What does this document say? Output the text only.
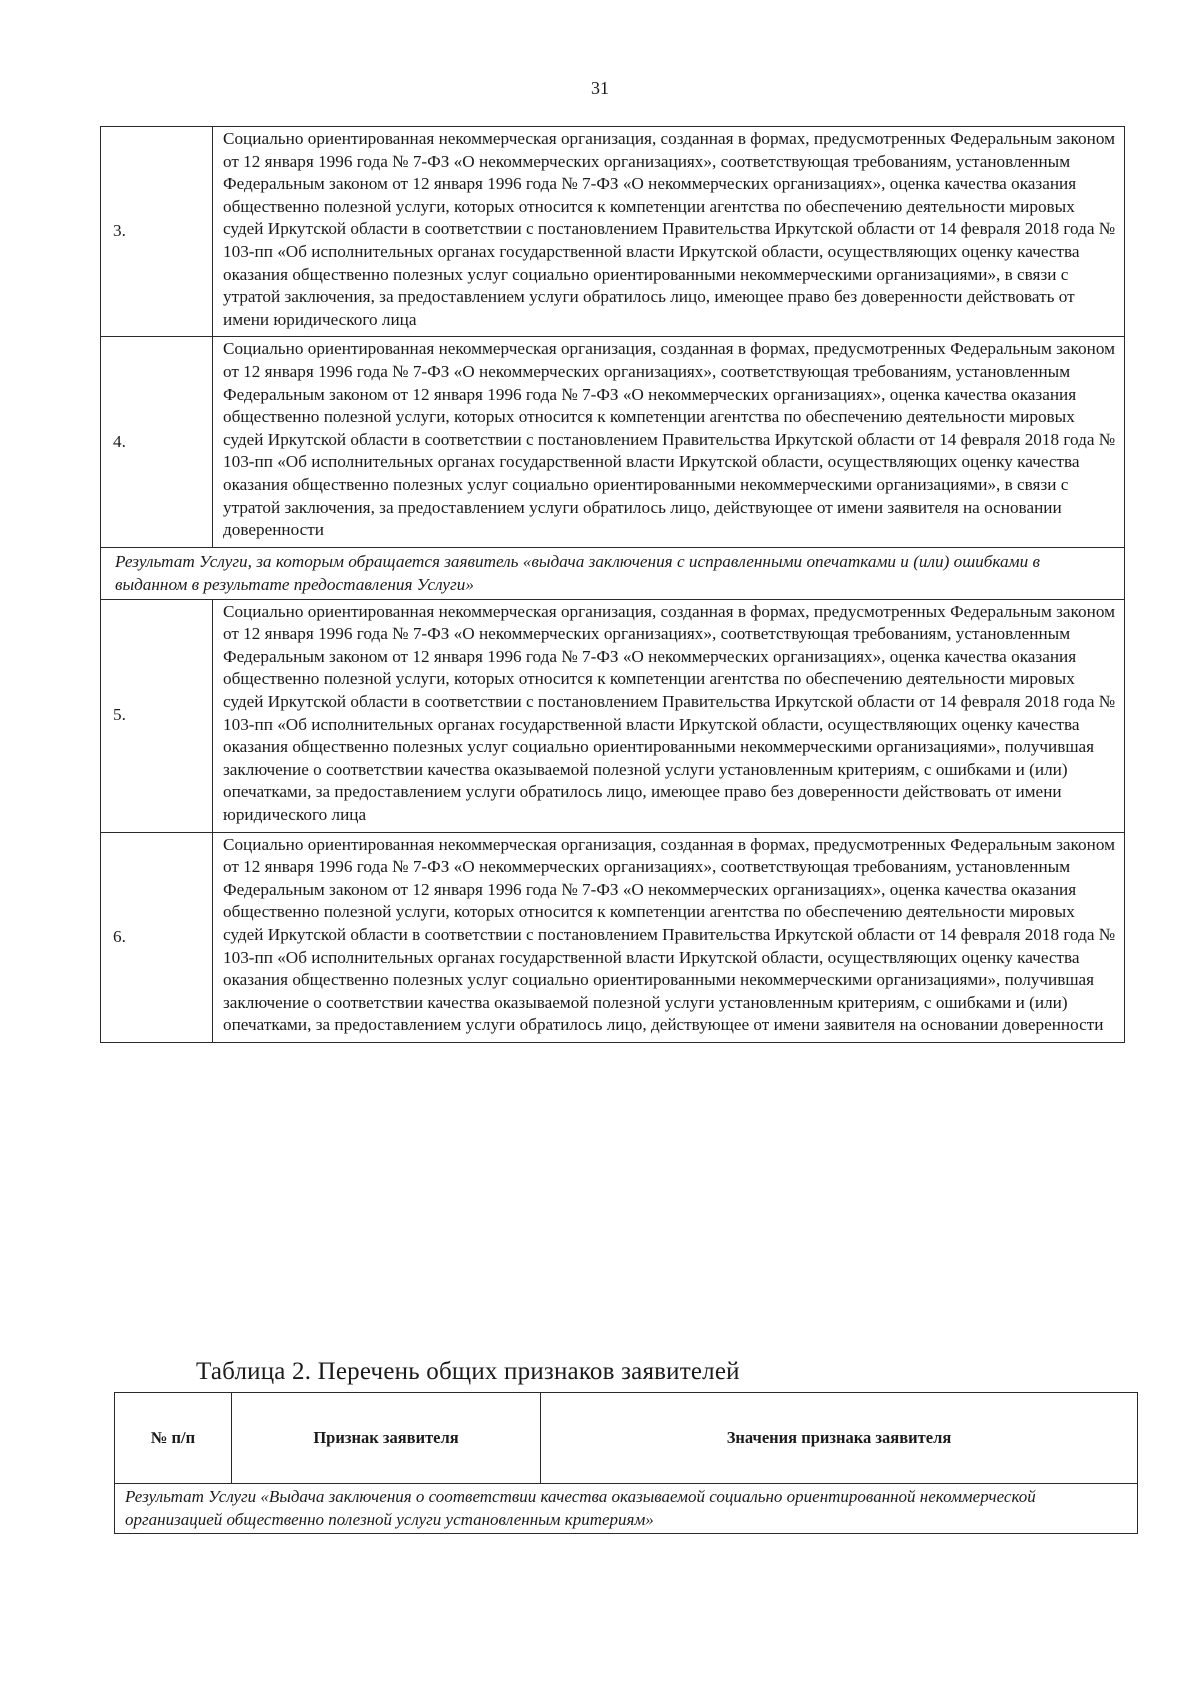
31
3.	Социально ориентированная некоммерческая организация, созданная в формах, предусмотренных Федеральным законом от 12 января 1996 года № 7-ФЗ «О некоммерческих организациях», соответствующая требованиям, установленным Федеральным законом от 12 января 1996 года № 7-ФЗ «О некоммерческих организациях», оценка качества оказания общественно полезной услуги, которых относится к компетенции агентства по обеспечению деятельности мировых судей Иркутской области в соответствии с постановлением Правительства Иркутской области от 14 февраля 2018 года № 103-пп «Об исполнительных органах государственной власти Иркутской области, осуществляющих оценку качества оказания общественно полезных услуг социально ориентированными некоммерческими организациями», в связи с утратой заключения, за предоставлением услуги обратилось лицо, имеющее право без доверенности действовать от имени юридического лица
4.	Социально ориентированная некоммерческая организация, созданная в формах, предусмотренных Федеральным законом от 12 января 1996 года № 7-ФЗ «О некоммерческих организациях», соответствующая требованиям, установленным Федеральным законом от 12 января 1996 года № 7-ФЗ «О некоммерческих организациях», оценка качества оказания общественно полезной услуги, которых относится к компетенции агентства по обеспечению деятельности мировых судей Иркутской области в соответствии с постановлением Правительства Иркутской области от 14 февраля 2018 года № 103-пп «Об исполнительных органах государственной власти Иркутской области, осуществляющих оценку качества оказания общественно полезных услуг социально ориентированными некоммерческими организациями», в связи с утратой заключения, за предоставлением услуги обратилось лицо, действующее от имени заявителя на основании доверенности
Результат Услуги, за которым обращается заявитель «выдача заключения с исправленными опечатками и (или) ошибками в выданном в результате предоставления Услуги»	
5.	Социально ориентированная некоммерческая организация, созданная в формах, предусмотренных Федеральным законом от 12 января 1996 года № 7-ФЗ «О некоммерческих организациях», соответствующая требованиям, установленным Федеральным законом от 12 января 1996 года № 7-ФЗ «О некоммерческих организациях», оценка качества оказания общественно полезной услуги, которых относится к компетенции агентства по обеспечению деятельности мировых судей Иркутской области в соответствии с постановлением Правительства Иркутской области от 14 февраля 2018 года № 103-пп «Об исполнительных органах государственной власти Иркутской области, осуществляющих оценку качества оказания общественно полезных услуг социально ориентированными некоммерческими организациями», получившая заключение о соответствии качества оказываемой полезной услуги установленным критериям, с ошибками и (или) опечатками, за предоставлением услуги обратилось лицо, имеющее право без доверенности действовать от имени юридического лица
6.	Социально ориентированная некоммерческая организация, созданная в формах, предусмотренных Федеральным законом от 12 января 1996 года № 7-ФЗ «О некоммерческих организациях», соответствующая требованиям, установленным Федеральным законом от 12 января 1996 года № 7-ФЗ «О некоммерческих организациях», оценка качества оказания общественно полезной услуги, которых относится к компетенции агентства по обеспечению деятельности мировых судей Иркутской области в соответствии с постановлением Правительства Иркутской области от 14 февраля 2018 года № 103-пп «Об исполнительных органах государственной власти Иркутской области, осуществляющих оценку качества оказания общественно полезных услуг социально ориентированными некоммерческими организациями», получившая заключение о соответствии качества оказываемой полезной услуги установленным критериям, с ошибками и (или) опечатками, за предоставлением услуги обратилось лицо, действующее от имени заявителя на основании доверенности
Таблица 2. Перечень общих признаков заявителей
№ п/п	Признак заявителя	Значения признака заявителя
Результат Услуги «Выдача заключения о соответствии качества оказываемой социально ориентированной некоммерческой организацией общественно полезной услуги установленным критериям»
